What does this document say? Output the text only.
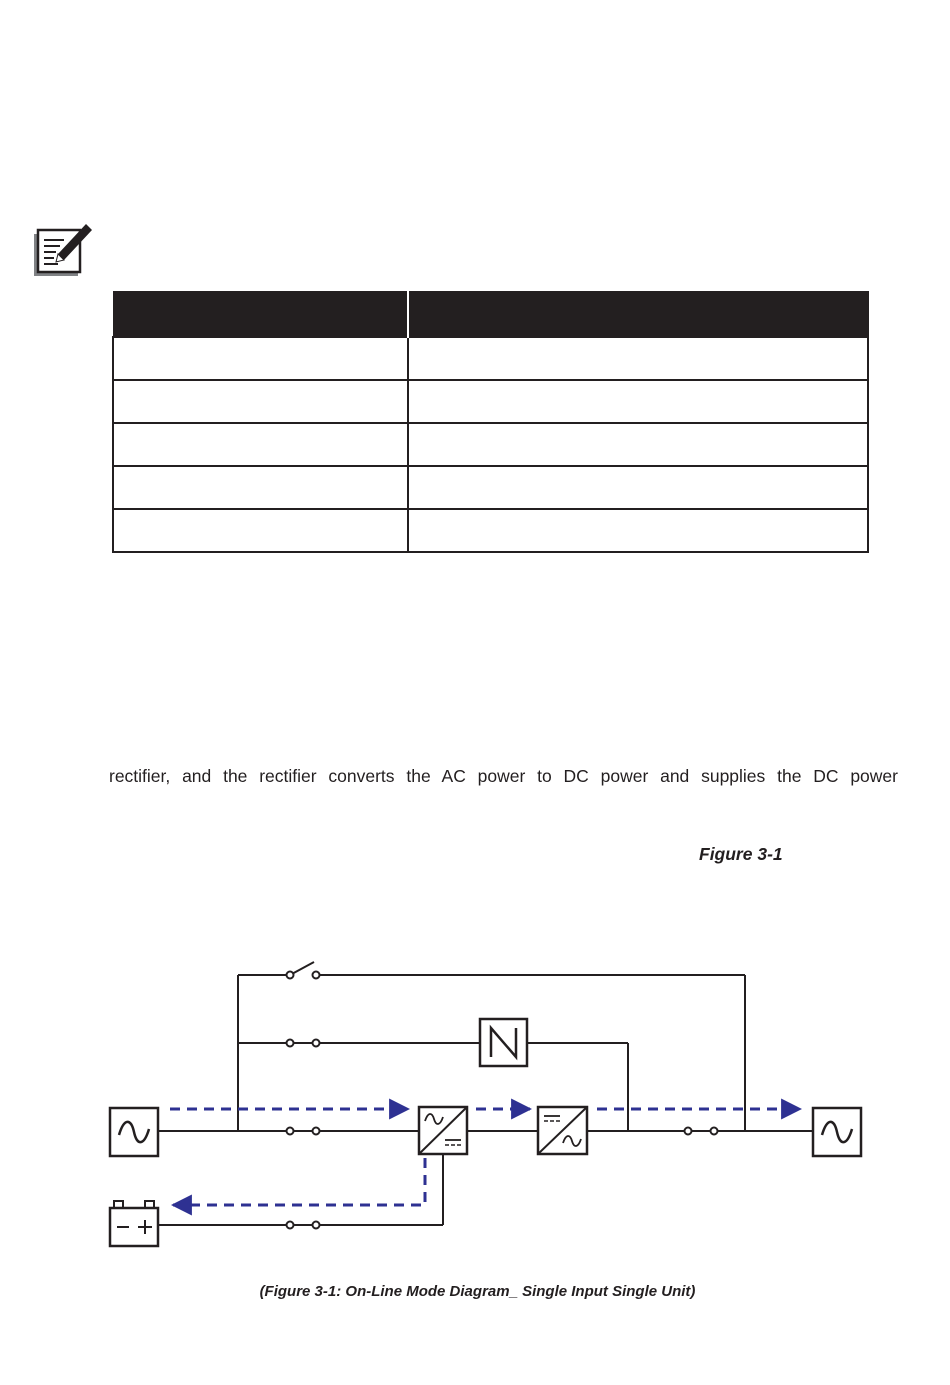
rectifier, and the rectifier converts the AC power to DC power and supplies the DC power
Figure 3-1
(Figure 3-1: On-Line Mode Diagram_ Single Input Single Unit)
